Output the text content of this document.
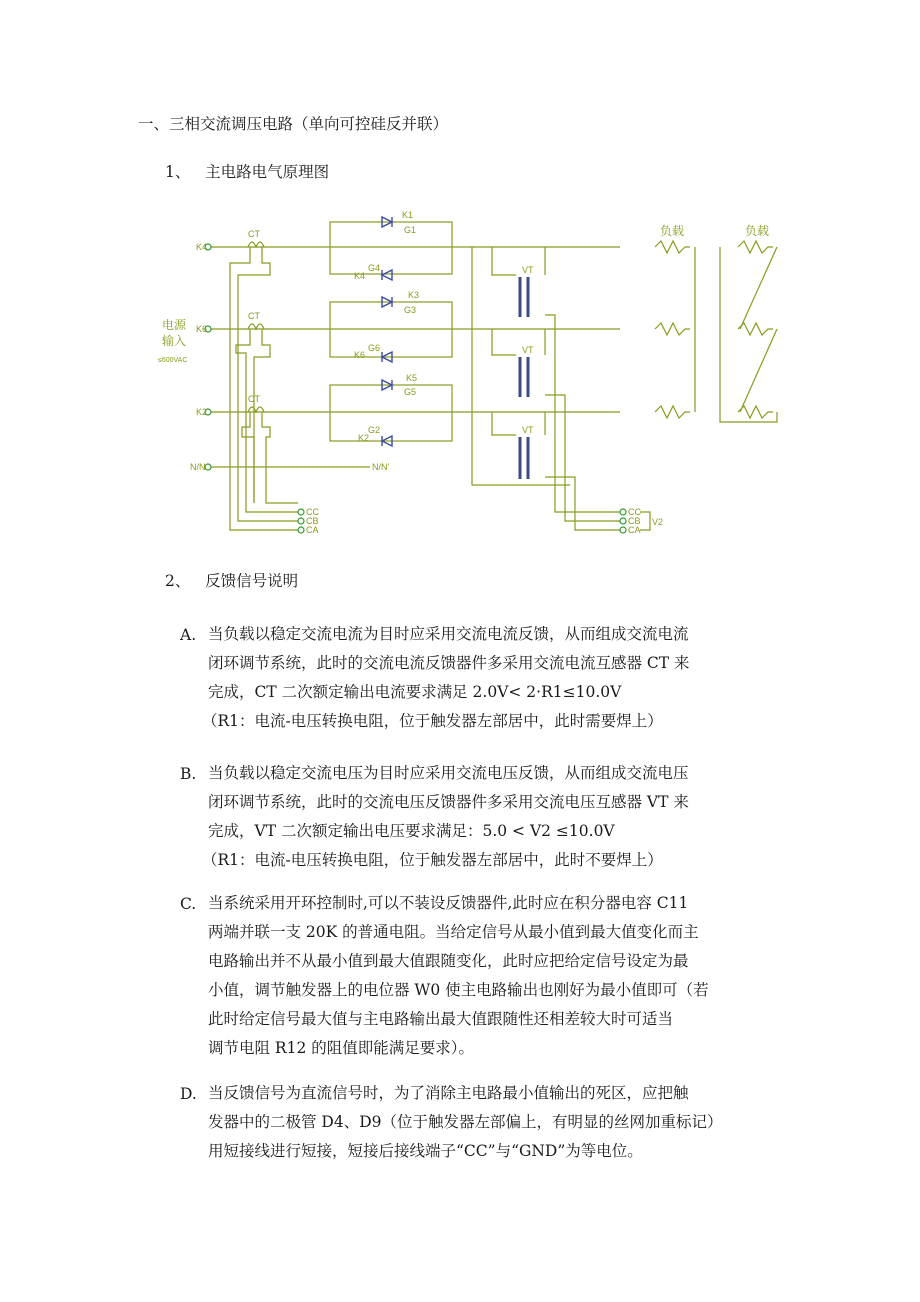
一、三相交流调压电路（单向可控硅反并联）
1、 主电路电气原理图
K4
K6
K2
N/N	N/N'
CT
CT
CT
VT
VT
VT
K1
G1
K3
G3
K5
G5
K4
G4
K6
G6
K2
G2
CC
CB
CA
CC
CB
CA
V2
电源
输入
负载	负载
≤600VAC
2、 反馈信号说明
A. 当负载以稳定交流电流为目时应采用交流电流反馈，从而组成交流电流
闭环调节系统，此时的交流电流反馈器件多采用交流电流互感器 CT 来
完成，CT 二次额定输出电流要求满足 2.0V< 2·R1≤10.0V
（R1：电流-电压转换电阻，位于触发器左部居中，此时需要焊上）
B. 当负载以稳定交流电压为目时应采用交流电压反馈，从而组成交流电压
闭环调节系统，此时的交流电压反馈器件多采用交流电压互感器 VT 来
完成，VT 二次额定输出电压要求满足：5.0 < V2 ≤10.0V
（R1：电流-电压转换电阻，位于触发器左部居中，此时不要焊上）
C. 当系统采用开环控制时,可以不装设反馈器件,此时应在积分器电容 C11
两端并联一支 20K 的普通电阻。当给定信号从最小值到最大值变化而主
电路输出并不从最小值到最大值跟随变化，此时应把给定信号设定为最
小值，调节触发器上的电位器 W0 使主电路输出也刚好为最小值即可（若
此时给定信号最大值与主电路输出最大值跟随性还相差较大时可适当
调节电阻 R12 的阻值即能满足要求）。
D. 当反馈信号为直流信号时，为了消除主电路最小值输出的死区，应把触
发器中的二极管 D4、D9（位于触发器左部偏上，有明显的丝网加重标记）
用短接线进行短接，短接后接线端子“CC”与“GND”为等电位。
